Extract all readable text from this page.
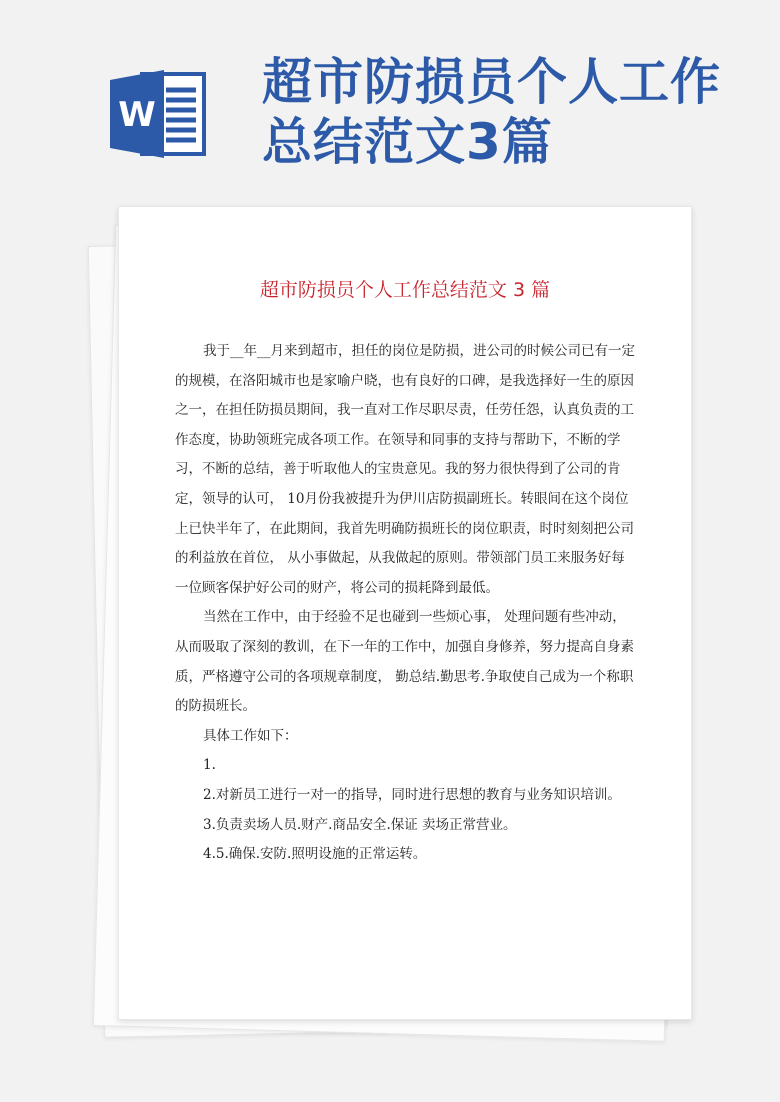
W
超市防损员个人工作总结范文3篇

超市防损员个人工作总结范文 3 篇

我于__年__月来到超市，担任的岗位是防损，进公司的时候公司已有一定的规模，在洛阳城市也是家喻户晓，也有良好的口碑，是我选择好一生的原因之一，在担任防损员期间，我一直对工作尽职尽责，任劳任怨，认真负责的工作态度，协助领班完成各项工作。在领导和同事的支持与帮助下，不断的学习，不断的总结，善于听取他人的宝贵意见。我的努力很快得到了公司的肯定，领导的认可， 10月份我被提升为伊川店防损副班长。转眼间在这个岗位上已快半年了，在此期间，我首先明确防损班长的岗位职责，时时刻刻把公司的利益放在首位， 从小事做起，从我做起的原则。带领部门员工来服务好每一位顾客保护好公司的财产，将公司的损耗降到最低。

当然在工作中，由于经验不足也碰到一些烦心事， 处理问题有些冲动，从而吸取了深刻的教训，在下一年的工作中，加强自身修养，努力提高自身素质，严格遵守公司的各项规章制度， 勤总结.勤思考.争取使自己成为一个称职的防损班长。

具体工作如下：

1.

2.对新员工进行一对一的指导，同时进行思想的教育与业务知识培训。

3.负责卖场人员.财产.商品安全.保证 卖场正常营业。

4.5.确保.安防.照明设施的正常运转。
